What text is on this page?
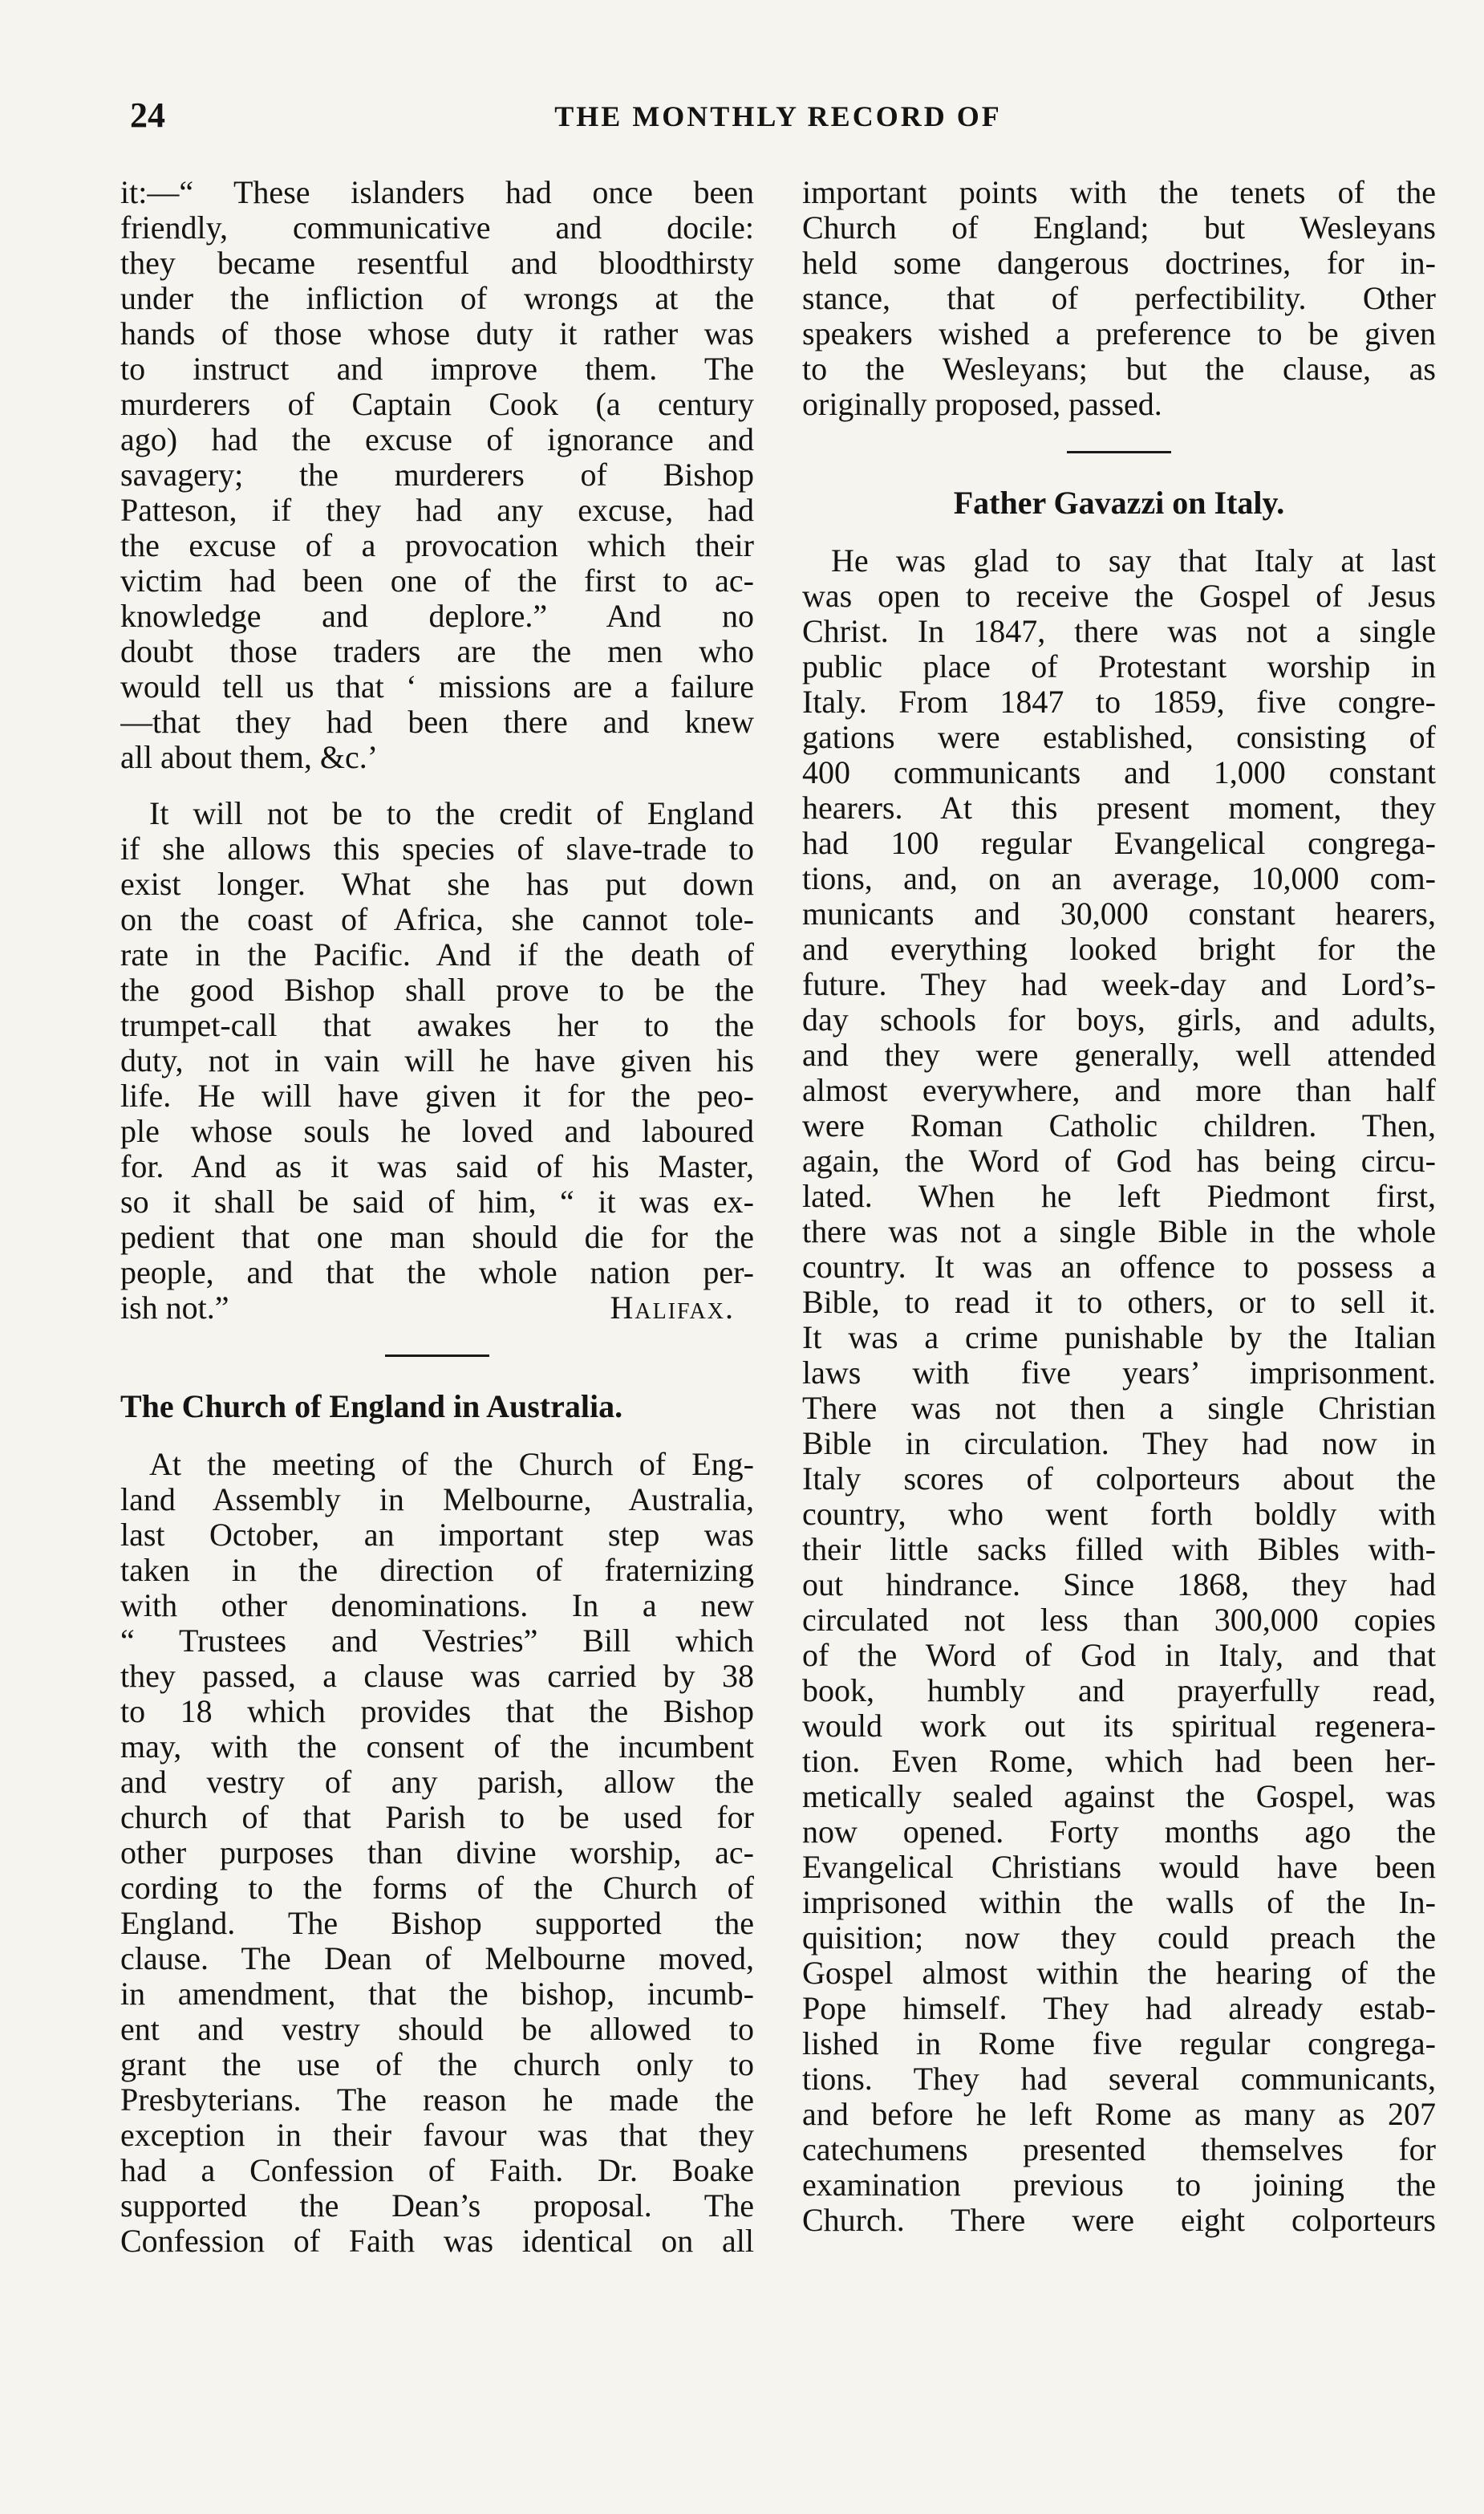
24	THE MONTHLY RECORD OF
it:—“ These islanders had once been
friendly, communicative and docile:
they became resentful and bloodthirsty
under the infliction of wrongs at the
hands of those whose duty it rather was
to instruct and improve them. The
murderers of Captain Cook (a century
ago) had the excuse of ignorance and
savagery; the murderers of Bishop
Patteson, if they had any excuse, had
the excuse of a provocation which their
victim had been one of the first to ac-
knowledge and deplore.” And no
doubt those traders are the men who
would tell us that ‘ missions are a failure
—that they had been there and knew
all about them, &c.’
It will not be to the credit of England
if she allows this species of slave-trade to
exist longer. What she has put down
on the coast of Africa, she cannot tole-
rate in the Pacific. And if the death of
the good Bishop shall prove to be the
trumpet-call that awakes her to the
duty, not in vain will he have given his
life. He will have given it for the peo-
ple whose souls he loved and laboured
for. And as it was said of his Master,
so it shall be said of him, “ it was ex-
pedient that one man should die for the
people, and that the whole nation per-
ish not.”	Halifax.
The Church of England in Australia.
At the meeting of the Church of Eng-
land Assembly in Melbourne, Australia,
last October, an important step was
taken in the direction of fraternizing
with other denominations. In a new
“ Trustees and Vestries” Bill which
they passed, a clause was carried by 38
to 18 which provides that the Bishop
may, with the consent of the incumbent
and vestry of any parish, allow the
church of that Parish to be used for
other purposes than divine worship, ac-
cording to the forms of the Church of
England. The Bishop supported the
clause. The Dean of Melbourne moved,
in amendment, that the bishop, incumb-
ent and vestry should be allowed to
grant the use of the church only to
Presbyterians. The reason he made the
exception in their favour was that they
had a Confession of Faith. Dr. Boake
supported the Dean’s proposal. The
Confession of Faith was identical on all
important points with the tenets of the
Church of England; but Wesleyans
held some dangerous doctrines, for in-
stance, that of perfectibility. Other
speakers wished a preference to be given
to the Wesleyans; but the clause, as
originally proposed, passed.
Father Gavazzi on Italy.
He was glad to say that Italy at last
was open to receive the Gospel of Jesus
Christ. In 1847, there was not a single
public place of Protestant worship in
Italy. From 1847 to 1859, five congre-
gations were established, consisting of
400 communicants and 1,000 constant
hearers. At this present moment, they
had 100 regular Evangelical congrega-
tions, and, on an average, 10,000 com-
municants and 30,000 constant hearers,
and everything looked bright for the
future. They had week-day and Lord’s-
day schools for boys, girls, and adults,
and they were generally, well attended
almost everywhere, and more than half
were Roman Catholic children. Then,
again, the Word of God has being circu-
lated. When he left Piedmont first,
there was not a single Bible in the whole
country. It was an offence to possess a
Bible, to read it to others, or to sell it.
It was a crime punishable by the Italian
laws with five years’ imprisonment.
There was not then a single Christian
Bible in circulation. They had now in
Italy scores of colporteurs about the
country, who went forth boldly with
their little sacks filled with Bibles with-
out hindrance. Since 1868, they had
circulated not less than 300,000 copies
of the Word of God in Italy, and that
book, humbly and prayerfully read,
would work out its spiritual regenera-
tion. Even Rome, which had been her-
metically sealed against the Gospel, was
now opened. Forty months ago the
Evangelical Christians would have been
imprisoned within the walls of the In-
quisition; now they could preach the
Gospel almost within the hearing of the
Pope himself. They had already estab-
lished in Rome five regular congrega-
tions. They had several communicants,
and before he left Rome as many as 207
catechumens presented themselves for
examination previous to joining the
Church. There were eight colporteurs
